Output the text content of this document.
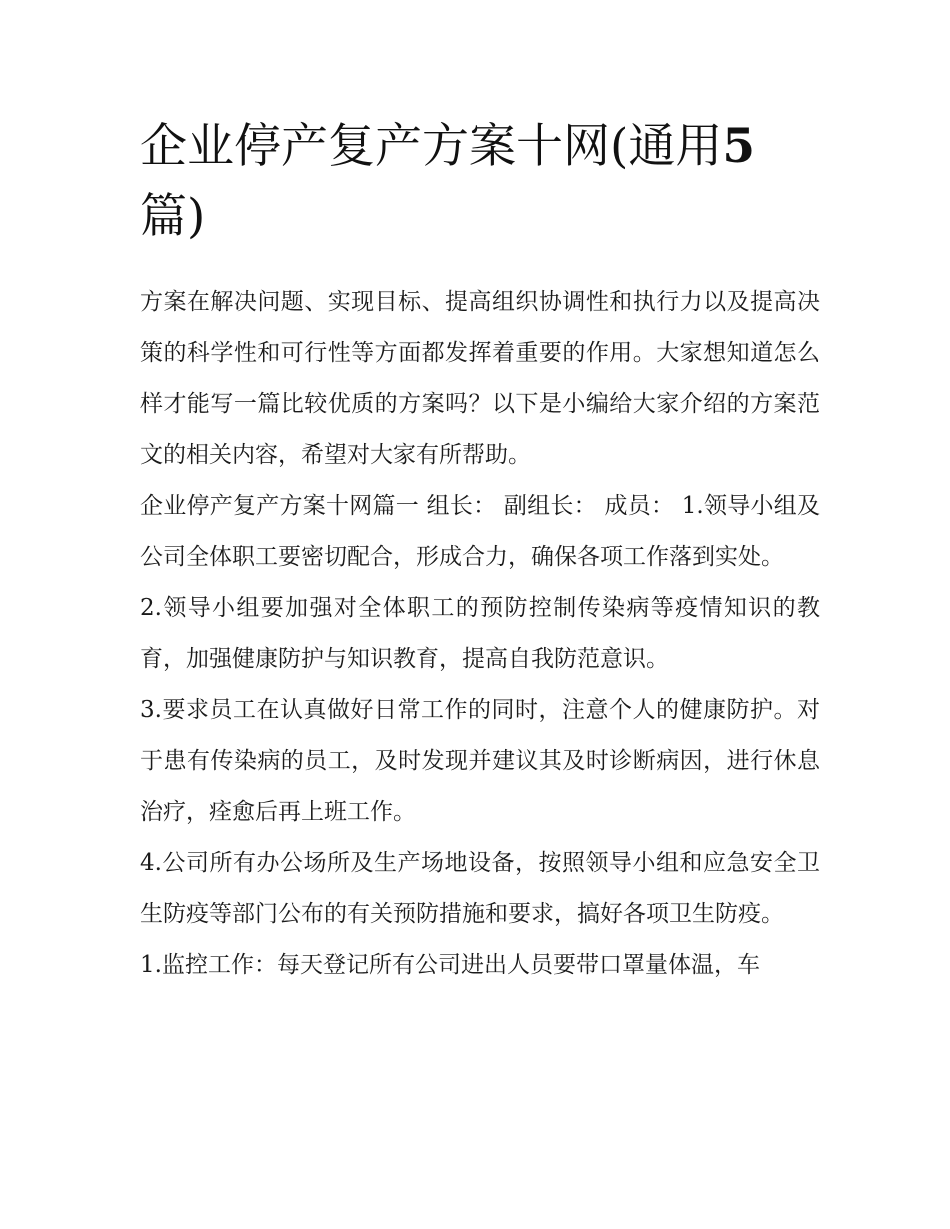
企业停产复产方案十网(通用5篇)

方案在解决问题、实现目标、提高组织协调性和执行力以及提高决策的科学性和可行性等方面都发挥着重要的作用。大家想知道怎么样才能写一篇比较优质的方案吗？以下是小编给大家介绍的方案范文的相关内容，希望对大家有所帮助。

企业停产复产方案十网篇一 组长： 副组长： 成员： 1.领导小组及公司全体职工要密切配合，形成合力，确保各项工作落到实处。

2.领导小组要加强对全体职工的预防控制传染病等疫情知识的教育，加强健康防护与知识教育，提高自我防范意识。

3.要求员工在认真做好日常工作的同时，注意个人的健康防护。对于患有传染病的员工，及时发现并建议其及时诊断病因，进行休息治疗，痊愈后再上班工作。

4.公司所有办公场所及生产场地设备，按照领导小组和应急安全卫生防疫等部门公布的有关预防措施和要求，搞好各项卫生防疫。

1.监控工作：每天登记所有公司进出人员要带口罩量体温，车
